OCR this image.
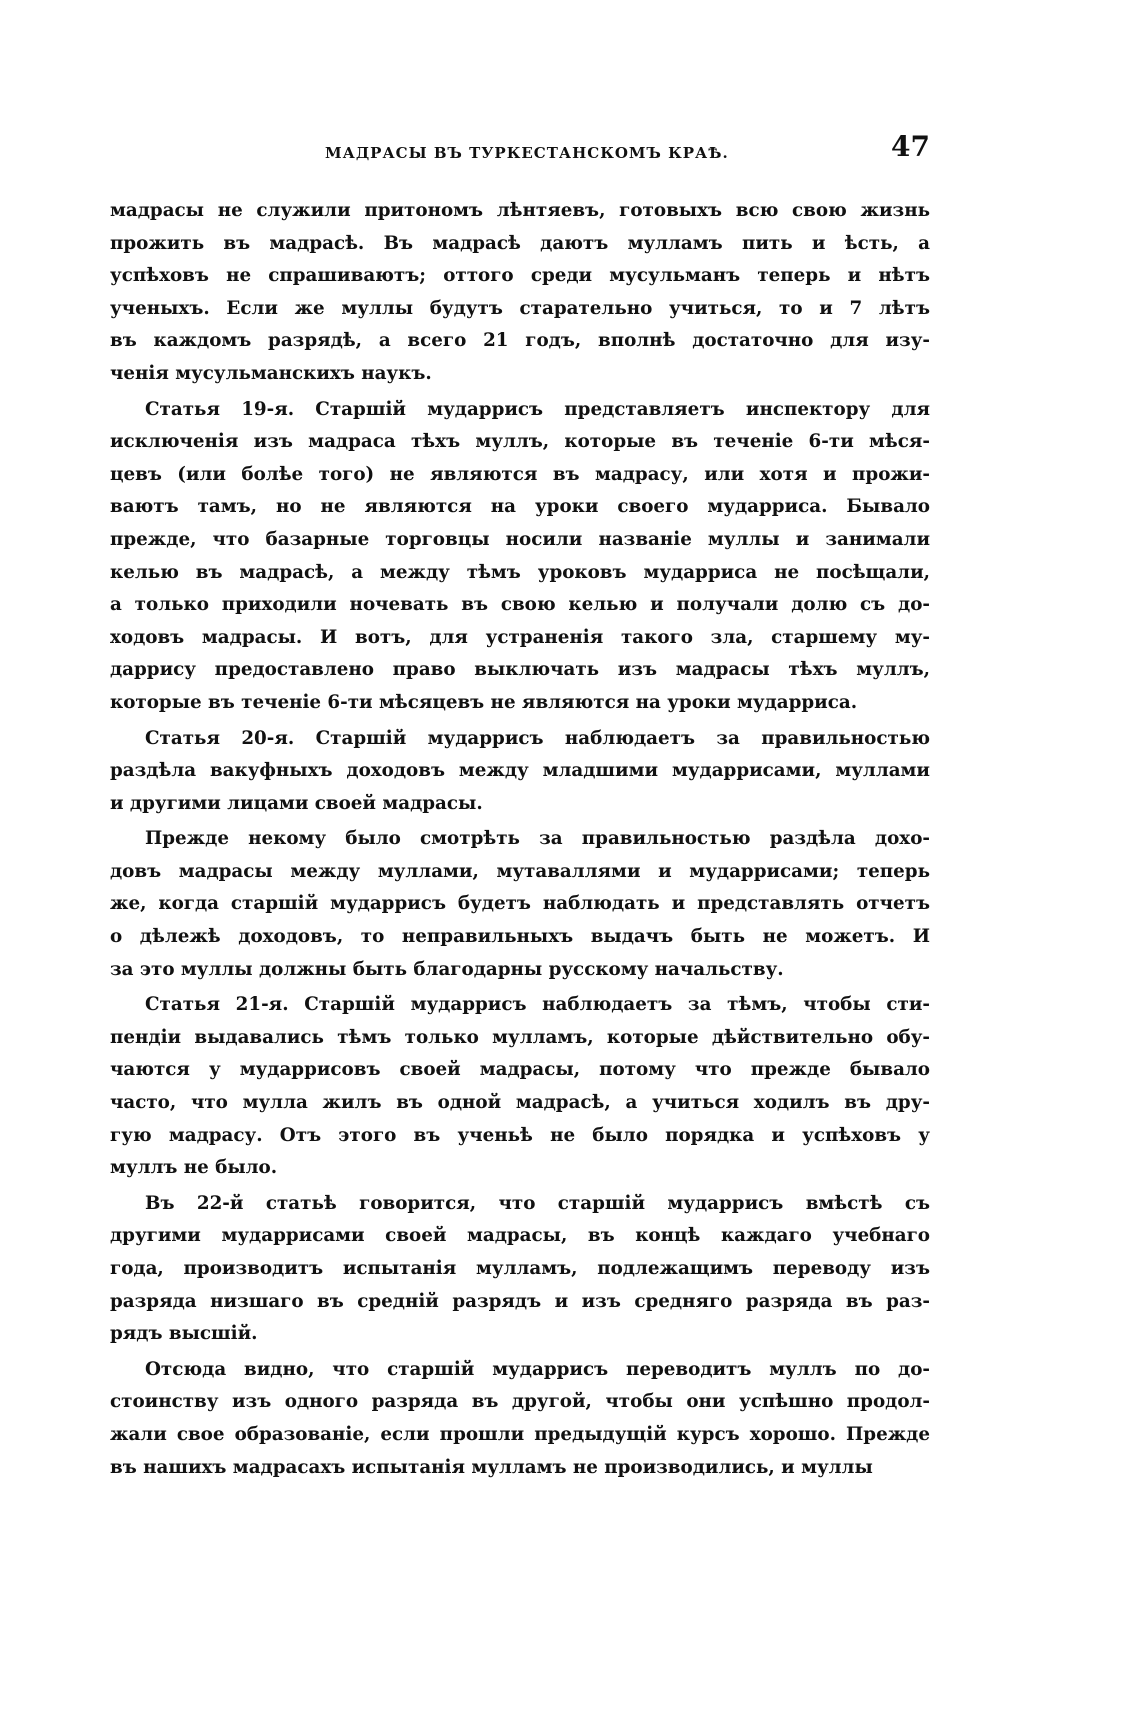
МАДРАСЫ ВЪ ТУРКЕСТАНСКОМЪ КРАѢ.	47
мадрасы не служили притономъ лѣнтяевъ, готовыхъ всю свою жизнь
прожить въ мадрасѣ. Въ мадрасѣ даютъ мулламъ пить и ѣсть, а
успѣховъ не спрашиваютъ; оттого среди мусульманъ теперь и нѣтъ
ученыхъ. Если же муллы будутъ старательно учиться, то и 7 лѣтъ
въ каждомъ разрядѣ, а всего 21 годъ, вполнѣ достаточно для изу-
ченія мусульманскихъ наукъ.
Статья 19-я. Старшій мударрисъ представляетъ инспектору для
исключенія изъ мадраса тѣхъ муллъ, которые въ теченіе 6-ти мѣся-
цевъ (или болѣе того) не являются въ мадрасу, или хотя и прожи-
ваютъ тамъ, но не являются на уроки своего мударриса. Бывало
прежде, что базарные торговцы носили названіе муллы и занимали
келью въ мадрасѣ, а между тѣмъ уроковъ мударриса не посѣщали,
а только приходили ночевать въ свою келью и получали долю съ до-
ходовъ мадрасы. И вотъ, для устраненія такого зла, старшему му-
даррису предоставлено право выключать изъ мадрасы тѣхъ муллъ,
которые въ теченіе 6-ти мѣсяцевъ не являются на уроки мударриса.
Статья 20-я. Старшій мударрисъ наблюдаетъ за правильностью
раздѣла вакуфныхъ доходовъ между младшими мударрисами, муллами
и другими лицами своей мадрасы.
Прежде некому было смотрѣть за правильностью раздѣла дохо-
довъ мадрасы между муллами, мутаваллями и мударрисами; теперь
же, когда старшій мударрисъ будетъ наблюдать и представлять отчетъ
о дѣлежѣ доходовъ, то неправильныхъ выдачъ быть не можетъ. И
за это муллы должны быть благодарны русскому начальству.
Статья 21-я. Старшій мударрисъ наблюдаетъ за тѣмъ, чтобы сти-
пендіи выдавались тѣмъ только мулламъ, которые дѣйствительно обу-
чаются у мударрисовъ своей мадрасы, потому что прежде бывало
часто, что мулла жилъ въ одной мадрасѣ, а учиться ходилъ въ дру-
гую мадрасу. Отъ этого въ ученьѣ не было порядка и успѣховъ у
муллъ не было.
Въ 22-й статьѣ говорится, что старшій мударрисъ вмѣстѣ съ
другими мударрисами своей мадрасы, въ концѣ каждаго учебнаго
года, производитъ испытанія мулламъ, подлежащимъ переводу изъ
разряда низшаго въ средній разрядъ и изъ средняго разряда въ раз-
рядъ высшій.
Отсюда видно, что старшій мударрисъ переводитъ муллъ по до-
стоинству изъ одного разряда въ другой, чтобы они успѣшно продол-
жали свое образованіе, если прошли предыдущій курсъ хорошо. Прежде
въ нашихъ мадрасахъ испытанія мулламъ не производились, и муллы
